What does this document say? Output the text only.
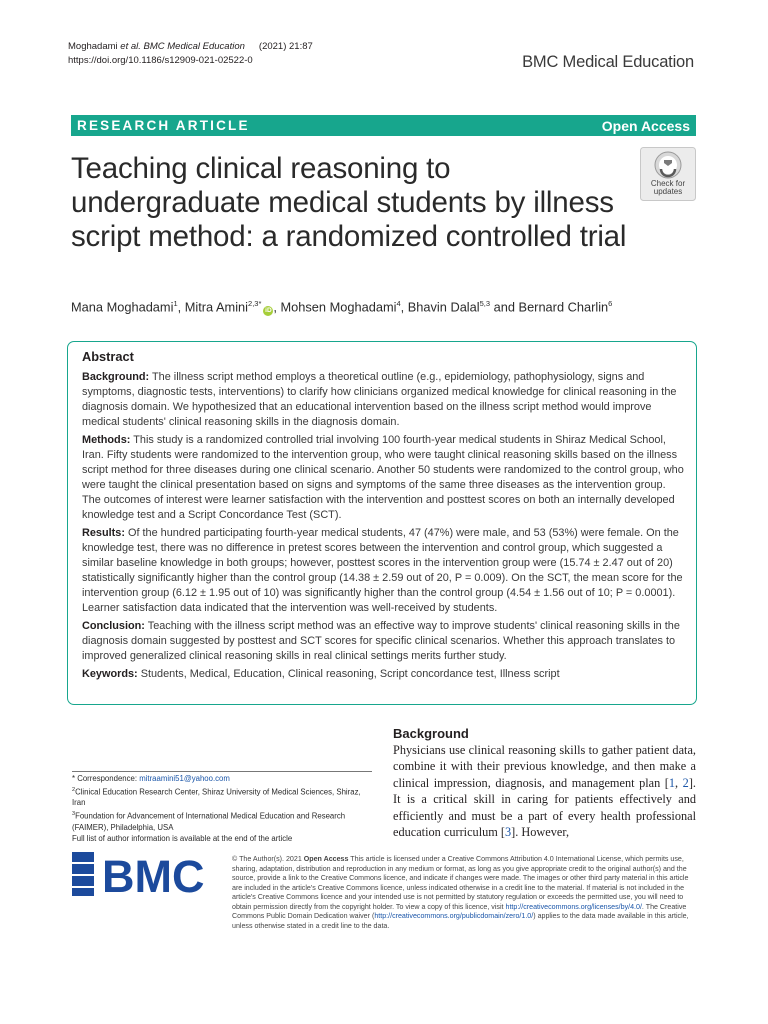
Moghadami et al. BMC Medical Education (2021) 21:87
https://doi.org/10.1186/s12909-021-02522-0	BMC Medical Education
RESEARCH ARTICLE	Open Access
Teaching clinical reasoning to undergraduate medical students by illness script method: a randomized controlled trial
Check for
updates
Mana Moghadami$^1$, Mitra Amini$^{2,3*}$iD , Mohsen Moghadami$^4$, Bhavin Dalal$^{5,3}$ and Bernard Charlin$^6$
Abstract

Background: The illness script method employs a theoretical outline (e.g., epidemiology, pathophysiology, signs and symptoms, diagnostic tests, interventions) to clarify how clinicians organized medical knowledge for clinical reasoning in the diagnosis domain. We hypothesized that an educational intervention based on the illness script method would improve medical students' clinical reasoning skills in the diagnosis domain.

Methods: This study is a randomized controlled trial involving 100 fourth-year medical students in Shiraz Medical School, Iran. Fifty students were randomized to the intervention group, who were taught clinical reasoning skills based on the illness script method for three diseases during one clinical scenario. Another 50 students were randomized to the control group, who were taught the clinical presentation based on signs and symptoms of the same three diseases as the intervention group. The outcomes of interest were learner satisfaction with the intervention and posttest scores on both an internally developed knowledge test and a Script Concordance Test (SCT).

Results: Of the hundred participating fourth-year medical students, 47 (47%) were male, and 53 (53%) were female. On the knowledge test, there was no difference in pretest scores between the intervention and control group, which suggested a similar baseline knowledge in both groups; however, posttest scores in the intervention group were (15.74 ± 2.47 out of 20) statistically significantly higher than the control group (14.38 ± 2.59 out of 20, P = 0.009). On the SCT, the mean score for the intervention group (6.12 ± 1.95 out of 10) was significantly higher than the control group (4.54 ± 1.56 out of 10; P = 0.0001). Learner satisfaction data indicated that the intervention was well-received by students.

Conclusion: Teaching with the illness script method was an effective way to improve students' clinical reasoning skills in the diagnosis domain suggested by posttest and SCT scores for specific clinical scenarios. Whether this approach translates to improved generalized clinical reasoning skills in real clinical settings merits further study.

Keywords: Students, Medical, Education, Clinical reasoning, Script concordance test, Illness script

Background
Physicians use clinical reasoning skills to gather patient data, combine it with their previous knowledge, and then make a clinical impression, diagnosis, and management plan [1, 2]. It is a critical skill in caring for patients effectively and efficiently and must be a part of every health professional education curriculum [3]. However,
* Correspondence: mitraamini51@yahoo.com
$^2$Clinical Education Research Center, Shiraz University of Medical Sciences, Shiraz, Iran
$^3$Foundation for Advancement of International Medical Education and Research (FAIMER), Philadelphia, USA
Full list of author information is available at the end of the article
BMC	© The Author(s). 2021 Open Access This article is licensed under a Creative Commons Attribution 4.0 International License, which permits use, sharing, adaptation, distribution and reproduction in any medium or format, as long as you give appropriate credit to the original author(s) and the source, provide a link to the Creative Commons licence, and indicate if changes were made. The images or other third party material in this article are included in the article's Creative Commons licence, unless indicated otherwise in a credit line to the material. If material is not included in the article's Creative Commons licence and your intended use is not permitted by statutory regulation or exceeds the permitted use, you will need to obtain permission directly from the copyright holder. To view a copy of this licence, visit http://creativecommons.org/licenses/by/4.0/. The Creative Commons Public Domain Dedication waiver (http://creativecommons.org/publicdomain/zero/1.0/) applies to the data made available in this article, unless otherwise stated in a credit line to the data.
